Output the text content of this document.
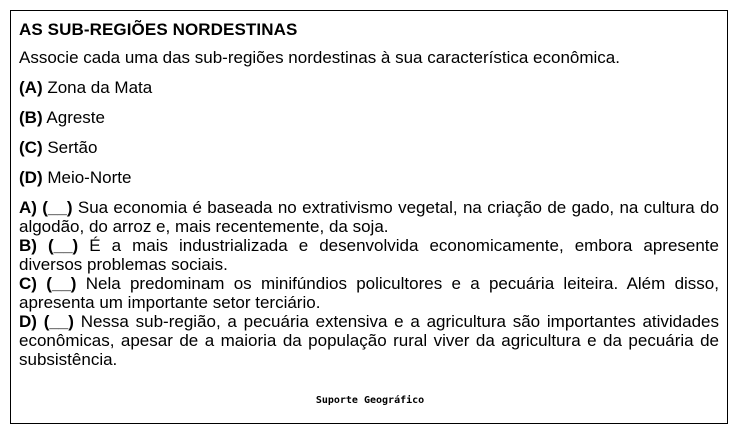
AS SUB-REGIÕES NORDESTINAS
Associe cada uma das sub-regiões nordestinas à sua característica econômica.
(A) Zona da Mata
(B) Agreste
(C) Sertão
(D) Meio-Norte

A) (__) Sua economia é baseada no extrativismo vegetal, na criação de gado, na cultura do algodão, do arroz e, mais recentemente, da soja.

B) (__) É a mais industrializada e desenvolvida economicamente, embora apresente diversos problemas sociais.

C) (__) Nela predominam os minifúndios policultores e a pecuária leiteira. Além disso, apresenta um importante setor terciário.

D) (__) Nessa sub-região, a pecuária extensiva e a agricultura são importantes atividades econômicas, apesar de a maioria da população rural viver da agricultura e da pecuária de subsistência.

Suporte Geográfico
